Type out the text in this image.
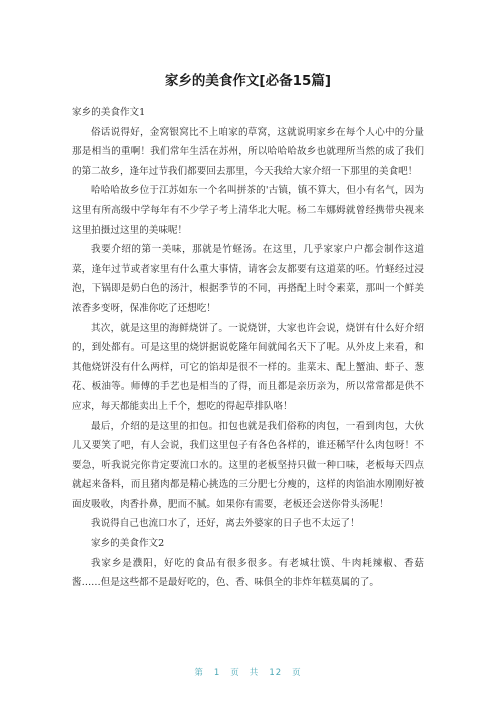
家乡的美食作文[必备15篇]

家乡的美食作文1

俗话说得好，金窝银窝比不上咱家的草窝，这就说明家乡在每个人心中的分量那是相当的重啊！我们常年生活在苏州，所以哈哈哈故乡也就理所当然的成了我们的第二故乡，逢年过节我们都要回去那里，今天我给大家介绍一下那里的美食吧！

哈哈哈故乡位于江苏如东一个名叫拼茶的'古镇，镇不算大，但小有名气，因为这里有所高级中学每年有不少学子考上清华北大呢。杨二车娜姆就曾经携带央视来这里拍摄过这里的美味呢！

我要介绍的第一美味，那就是竹蛏汤。在这里，几乎家家户户都会制作这道菜，逢年过节或者家里有什么重大事情，请客会友都要有这道菜的呸。竹蛏经过浸泡，下锅即是奶白色的汤汁，根据季节的不同，再搭配上时令素菜，那叫一个鲜美浓香多变呀，保准你吃了还想吃！

其次，就是这里的海鲜烧饼了。一说烧饼，大家也许会说，烧饼有什么好介绍的，到处都有。可是这里的烧饼据说乾隆年间就闻名天下了呢。从外皮上来看，和其他烧饼没有什么两样，可它的馅却是很不一样的。韭菜末、配上蟹油、虾子、葱花、板油等。师傅的手艺也是相当的了得，而且都是亲历亲为，所以常常都是供不应求，每天都能卖出上千个，想吃的得起草排队咯！

最后，介绍的是这里的扣包。扣包也就是我们俗称的肉包，一看到肉包，大伙儿又要笑了吧，有人会说，我们这里包子有各色各样的，谁还稀罕什么肉包呀！不要急，听我说完你肯定要流口水的。这里的老板坚持只做一种口味，老板每天四点就起来备料，而且猪肉都是精心挑选的三分肥七分瘦的，这样的肉馅油水刚刚好被面皮吸收，肉香扑鼻，肥而不腻。如果你有需要，老板还会送你骨头汤呢！

我说得自己也流口水了，还好，离去外婆家的日子也不太远了！

家乡的美食作文2

我家乡是濮阳，好吃的食品有很多很多。有老城壮馍、牛肉耗辣椒、香菇酱……但是这些都不是最好吃的，色、香、味俱全的非炸年糕莫属的了。

第 1 页 共 12 页
